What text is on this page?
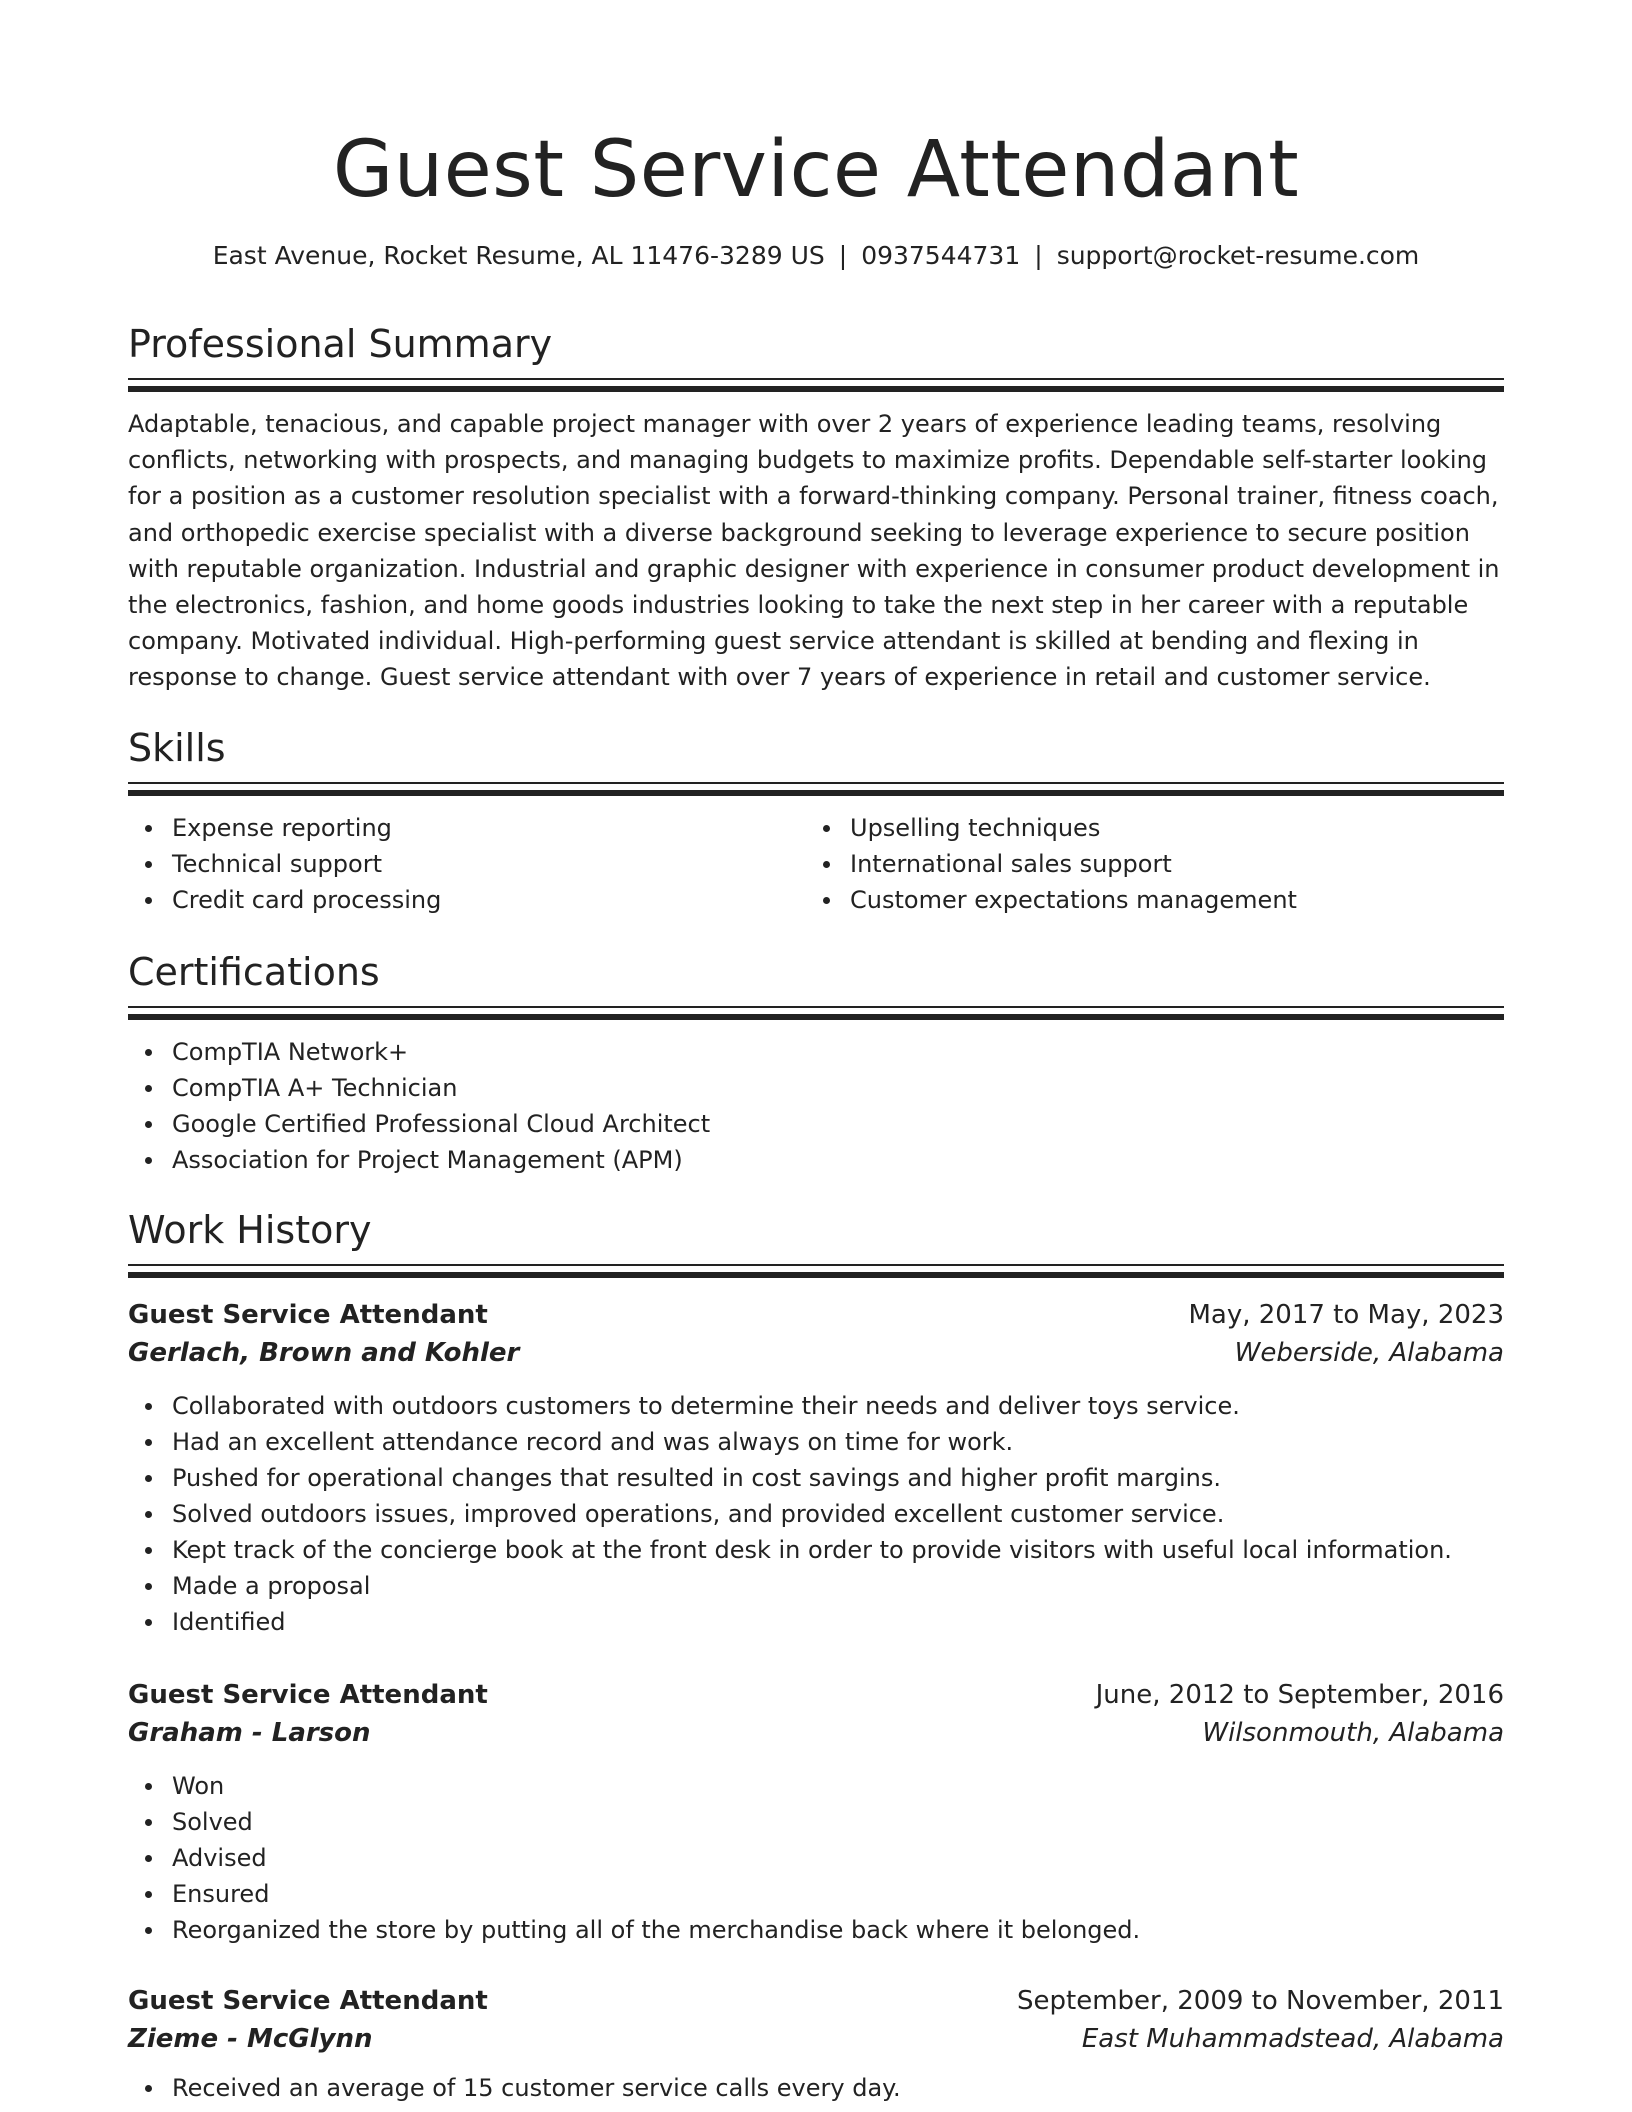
Guest Service Attendant
East Avenue, Rocket Resume, AL 11476-3289 US | 0937544731 | support@rocket-resume.com
Professional Summary

Adaptable, tenacious, and capable project manager with over 2 years of experience leading teams, resolving conflicts, networking with prospects, and managing budgets to maximize profits. Dependable self-starter looking for a position as a customer resolution specialist with a forward-thinking company. Personal trainer, fitness coach, and orthopedic exercise specialist with a diverse background seeking to leverage experience to secure position with reputable organization. Industrial and graphic designer with experience in consumer product development in the electronics, fashion, and home goods industries looking to take the next step in her career with a reputable company. Motivated individual. High-performing guest service attendant is skilled at bending and flexing in response to change. Guest service attendant with over 7 years of experience in retail and customer service.

Skills
Expense reporting
Technical support
Credit card processing
Upselling techniques
International sales support
Customer expectations management
Certifications
CompTIA Network+
CompTIA A+ Technician
Google Certified Professional Cloud Architect
Association for Project Management (APM)
Work History
Guest Service Attendant	May, 2017 to May, 2023
Gerlach, Brown and Kohler	Weberside, Alabama
Collaborated with outdoors customers to determine their needs and deliver toys service.
Had an excellent attendance record and was always on time for work.
Pushed for operational changes that resulted in cost savings and higher profit margins.
Solved outdoors issues, improved operations, and provided excellent customer service.
Kept track of the concierge book at the front desk in order to provide visitors with useful local information.
Made a proposal
Identified
Guest Service Attendant	June, 2012 to September, 2016
Graham - Larson	Wilsonmouth, Alabama
Won
Solved
Advised
Ensured
Reorganized the store by putting all of the merchandise back where it belonged.
Guest Service Attendant	September, 2009 to November, 2011
Zieme - McGlynn	East Muhammadstead, Alabama
Received an average of 15 customer service calls every day.
